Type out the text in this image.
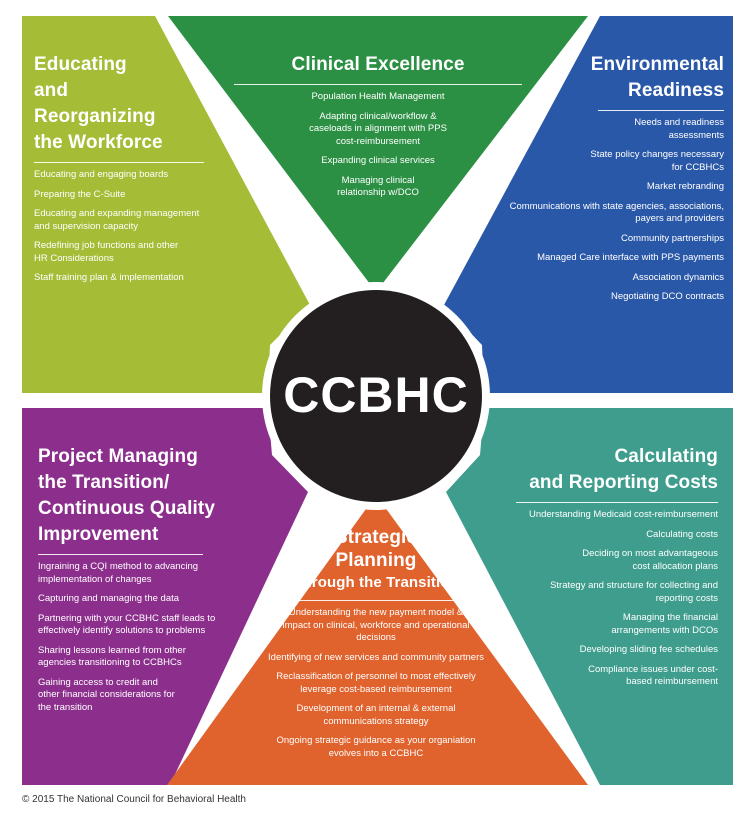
CCBHC
Educating
and
Reorganizing
the Workforce
Educating and engaging boards
Preparing the C-Suite
Educating and expanding management and supervision capacity
Redefining job functions and other HR Considerations
Staff training plan & implementation
Clinical Excellence
Population Health Management
Adapting clinical/workflow & caseloads in alignment with PPS cost-reimbursement
Expanding clinical services
Managing clinical relationship w/DCO
Environmental
Readiness
Needs and readiness assessments
State policy changes necessary for CCBHCs
Market rebranding
Communications with state agencies, associations, payers and providers
Community partnerships
Managed Care interface with PPS payments
Association dynamics
Negotiating DCO contracts
Project Managing
the Transition/
Continuous Quality
Improvement
Ingraining a CQI method to advancing implementation of changes
Capturing and managing the data
Partnering with your CCBHC staff leads to effectively identify solutions to problems
Sharing lessons learned from other agencies transitioning to CCBHCs
Gaining access to credit and other financial considerations for the transition
Strategic
Planning
Through the Transition
Understanding the new payment model & impact on clinical, workforce and operational decisions
Identifying of new services and community partners
Reclassification of personnel to most effectively leverage cost-based reimbursement
Development of an internal & external communications strategy
Ongoing strategic guidance as your organiation evolves into a CCBHC
Calculating
and Reporting Costs
Understanding Medicaid cost-reimbursement
Calculating costs
Deciding on most advantageous cost allocation plans
Strategy and structure for collecting and reporting costs
Managing the financial arrangements with DCOs
Developing sliding fee schedules
Compliance issues under cost-based reimbursement
© 2015 The National Council for Behavioral Health
